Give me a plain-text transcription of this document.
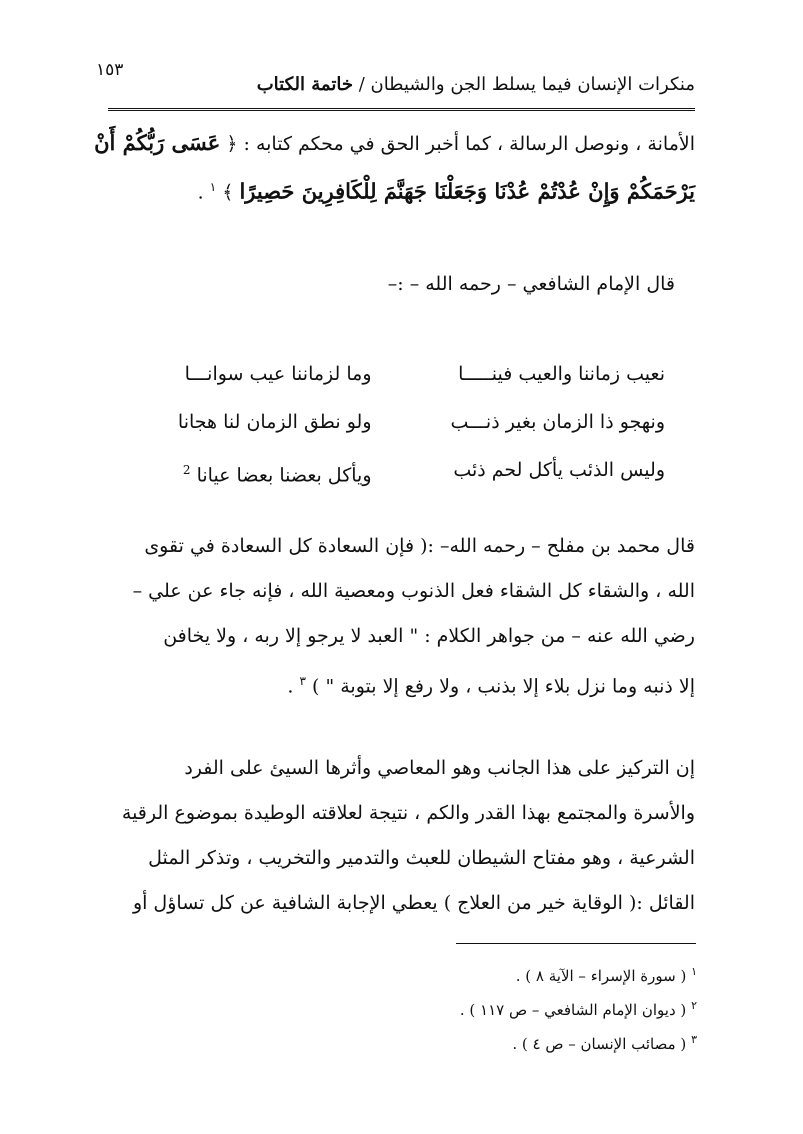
١٥٣
منكرات الإنسان فيما يسلط الجن والشيطان / خاتمة الكتاب
الأمانة ، ونوصل الرسالة ، كما أخبر الحق في محكم كتابه : ﴿ عَسَى رَبُّكُمْ أَنْ
يَرْحَمَكُمْ وَإِنْ عُدْتُمْ عُدْنَا وَجَعَلْنَا جَهَنَّمَ لِلْكَافِرِينَ حَصِيرًا ﴾ $^١$ .
قال الإمام الشافعي – رحمه الله – :–
نعيب زماننا والعيب فينـــــا
وما لزماننا عيب سوانـــا
ونهجو ذا الزمان بغير ذنـــب
ولو نطق الزمان لنا هجانا
وليس الذئب يأكل لحم ذئب
ويأكل بعضنا بعضا عيانا $^2$
قال محمد بن مفلح – رحمه الله– :( فإن السعادة كل السعادة في تقوى
الله ، والشقاء كل الشقاء فعل الذنوب ومعصية الله ، فإنه جاء عن علي –
رضي الله عنه – من جواهر الكلام : " العبد لا يرجو إلا ربه ، ولا يخافن
إلا ذنبه وما نزل بلاء إلا بذنب ، ولا رفع إلا بتوبة " ) $^٣$ .
إن التركيز على هذا الجانب وهو المعاصي وأثرها السيئ على الفرد
والأسرة والمجتمع بهذا القدر والكم ، نتيجة لعلاقته الوطيدة بموضوع الرقية
الشرعية ، وهو مفتاح الشيطان للعبث والتدمير والتخريب ، وتذكر المثل
القائل :( الوقاية خير من العلاج ) يعطي الإجابة الشافية عن كل تساؤل أو
$^١$ ( سورة الإسراء – الآية ٨ ) .
$^٢$ ( ديوان الإمام الشافعي – ص ١١٧ ) .
$^٣$ ( مصائب الإنسان – ص ٤ ) .
